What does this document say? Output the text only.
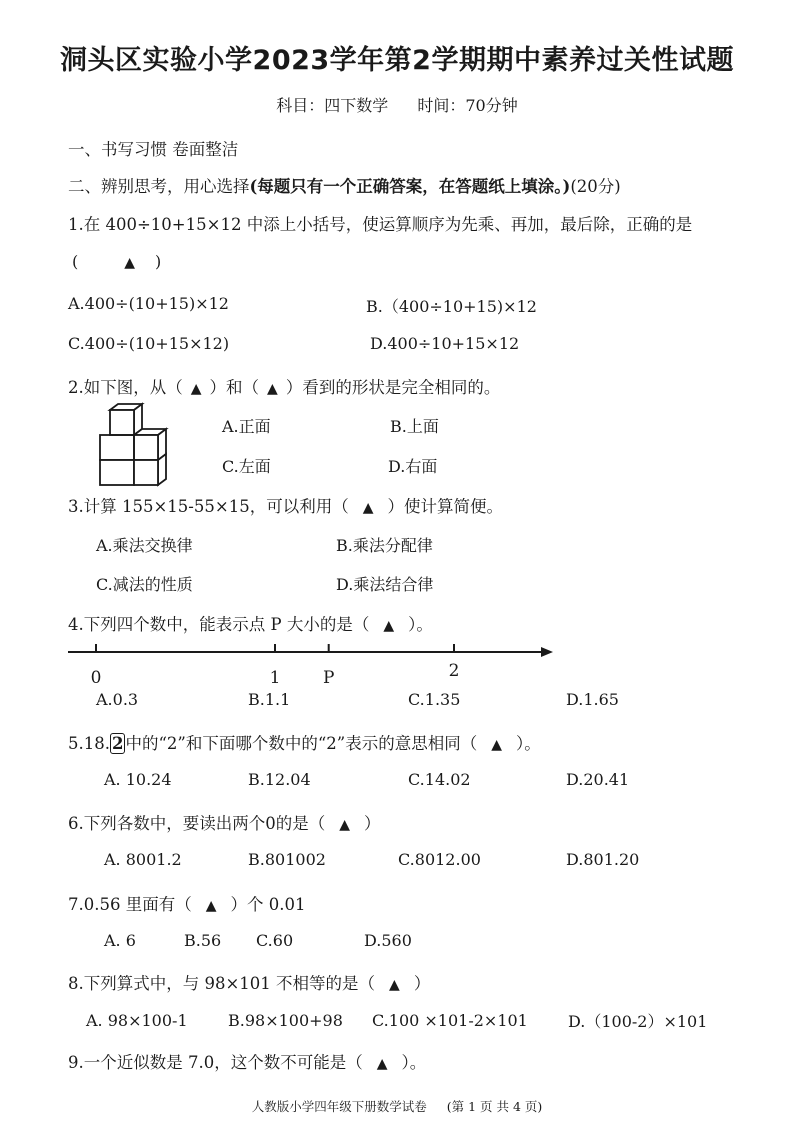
洞头区实验小学2023学年第2学期期中素养过关性试题
科目：四下数学 时间：70分钟
一、书写习惯 卷面整洁
二、辨别思考，用心选择(每题只有一个正确答案，在答题纸上填涂。)(20分)
1.在 400÷10+15×12 中添上小括号，使运算顺序为先乘、再加，最后除，正确的是
(	▲ )
A.400÷(10+15)×12	B.（400÷10+15)×12
C.400÷(10+15×12)	D.400÷10+15×12
2.如下图，从（ ▲ ）和（ ▲ ）看到的形状是完全相同的。
A.正面	B.上面
C.左面	D.右面
3.计算 155×15-55×15，可以利用（ ▲ ）使计算简便。
A.乘法交换律	B.乘法分配律
C.减法的性质	D.乘法结合律
4.下列四个数中，能表示点 P 大小的是（ ▲ ）。
0	1	P	2
A.0.3	B.1.1	C.1.35	D.1.65
5.18. 2 中的“2”和下面哪个数中的“2”表示的意思相同（ ▲ ）。
A. 10.24	B.12.04	C.14.02	D.20.41
6.下列各数中，要读出两个0的是（ ▲ ）
A. 8001.2	B.801002	C.8012.00	D.801.20
7.0.56 里面有（ ▲ ）个 0.01
A. 6	B.56 C.60	D.560
8.下列算式中，与 98×101 不相等的是（ ▲ ）
A. 98×100-1	B.98×100+98 C.100 ×101-2×101	D.（100-2）×101
9.一个近似数是 7.0，这个数不可能是（ ▲ ）。
人教版小学四年级下册数学试卷 (第 1 页 共 4 页)
